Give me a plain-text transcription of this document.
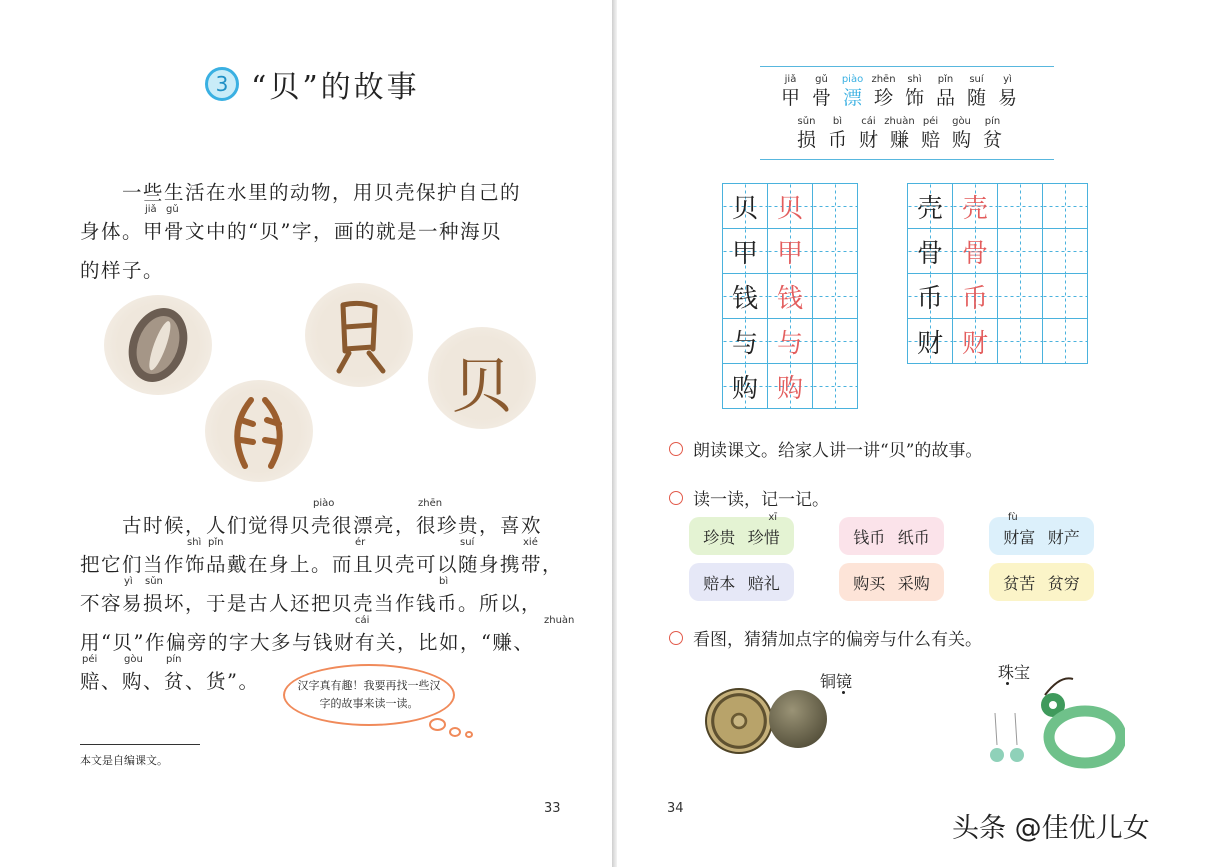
3 “贝”的故事
　　一些生活在水里的动物，用贝壳保护自己的
身体。甲骨文中的“贝”字，画的就是一种海贝
jiǎ gǔ
的样子。
贝
　　古时候，人们觉得贝壳很漂亮，很珍贵，喜欢
piào	zhēn
把它们当作饰品戴在身上。而且贝壳可以随身携带，
shì pǐn	ér	suí	xié
不容易损坏，于是古人还把贝壳当作钱币。所以，
yì sǔn	bì
用“贝”作偏旁的字大多与钱财有关，比如，“赚、
cái	zhuàn
赔、购、贫、货”。
péi	gòu pín
汉字真有趣！我要再找一些汉字的故事来读一读。
本文是自编课文。
33
jiǎ
甲
gǔ
骨
piào
漂
zhēn
珍
shì
饰
pǐn
品
suí
随
yì
易
sǔn
损
bì
币
cái
财
zhuàn
赚
péi
赔
gòu
购
pín
贫
贝	贝	
甲	甲	
钱	钱	
与	与	
购	购	
壳	壳		
骨	骨		
币	币		
财	财		
朗读课文。给家人讲一讲“贝”的故事。
读一读，记一记。
珍贵 珍惜
xī
钱币 纸币	财富
fù
财产
赔本 赔礼	购买 采购	贫苦 贫穷
看图，猜猜加点字的偏旁与什么有关。
铜镜	珠宝
34
头条 @佳优儿女
